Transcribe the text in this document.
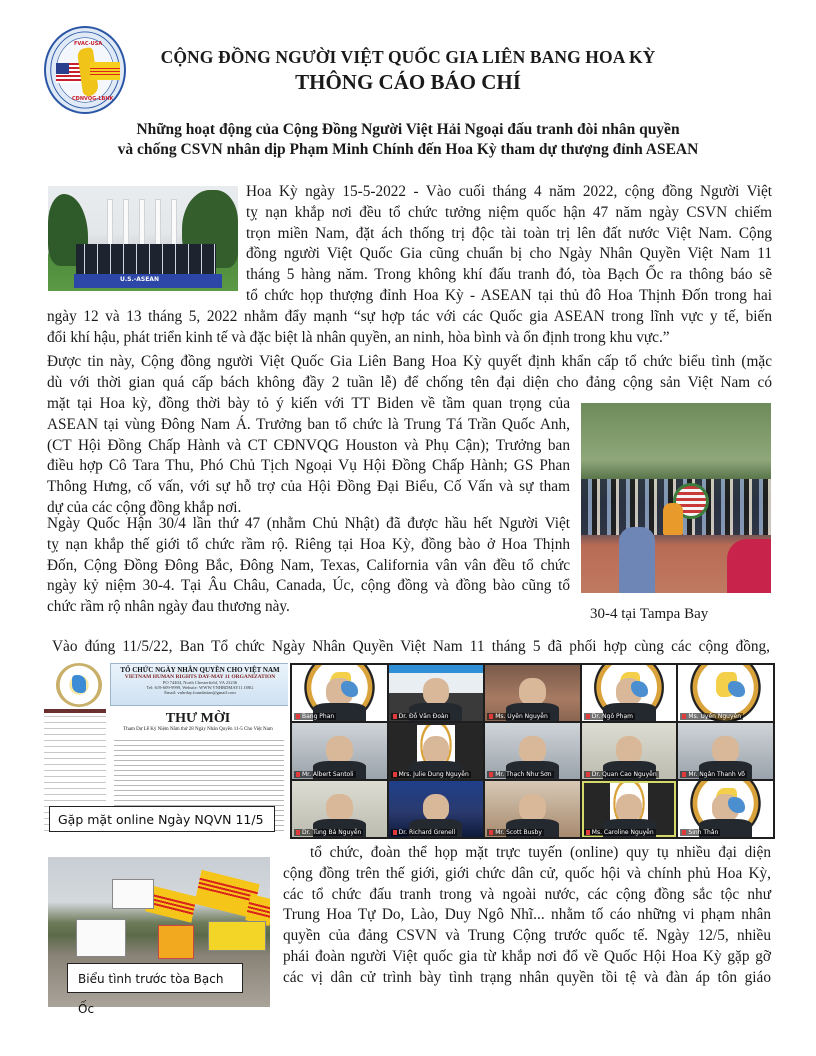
FVAC-USA
CĐNVQG-LBHK
CỘNG ĐỒNG NGƯỜI VIỆT QUỐC GIA LIÊN BANG HOA KỲ
THÔNG CÁO BÁO CHÍ
Những hoạt động của Cộng Đồng Người Việt Hải Ngoại đấu tranh đòi nhân quyền
và chống CSVN nhân dịp Phạm Minh Chính đến Hoa Kỳ tham dự thượng đỉnh ASEAN
U.S.-ASEAN
Hoa Kỳ ngày 15-5-2022 - Vào cuối tháng 4 năm 2022, cộng đồng Người Việt
tỵ nạn khắp nơi đều tổ chức tưởng niệm quốc hận 47 năm ngày CSVN chiếm
trọn miền Nam, đặt ách thống trị độc tài toàn trị lên đất nước Việt Nam. Cộng
đồng người Việt Quốc Gia cũng chuẩn bị cho Ngày Nhân Quyền Việt Nam 11
tháng 5 hàng năm. Trong không khí đấu tranh đó, tòa Bạch Ốc ra thông báo sẽ
tổ chức họp thượng đỉnh Hoa Kỳ - ASEAN tại thủ đô Hoa Thịnh Đốn trong hai
ngày 12 và 13 tháng 5, 2022 nhằm đẩy mạnh “sự hợp tác với các Quốc gia ASEAN trong lĩnh vực y tế, biến
đổi khí hậu, phát triển kinh tế và đặc biệt là nhân quyền, an ninh, hòa bình và ổn định trong khu vực.”
Được tin này, Cộng đồng người Việt Quốc Gia Liên Bang Hoa Kỳ quyết định khẩn cấp tổ chức biểu tình (mặc
dù với thời gian quá cấp bách không đầy 2 tuần lễ) để chống tên đại diện cho đảng cộng sản Việt Nam có
mặt tại Hoa kỳ, đồng thời bày tỏ ý kiến với TT Biden về tầm quan trọng của
ASEAN tại vùng Đông Nam Á. Trưởng ban tổ chức là Trung Tá Trần Quốc Anh,
(CT Hội Đồng Chấp Hành và CT CĐNVQG Houston và Phụ Cận); Trưởng ban
điều hợp Cô Tara Thu, Phó Chủ Tịch Ngoại Vụ Hội Đồng Chấp Hành; GS Phan
Thông Hưng, cố vấn, với sự hỗ trợ của Hội Đồng Đại Biểu, Cố Vấn và sự tham
dự của các cộng đồng khắp nơi.
30-4 tại Tampa Bay
Ngày Quốc Hận 30/4 lần thứ 47 (nhằm Chủ Nhật) đã được hầu hết Người Việt
tỵ nạn khắp thế giới tổ chức rầm rộ. Riêng tại Hoa Kỳ, đồng bào ở Hoa Thịnh
Đốn, Cộng Đồng Đông Bắc, Đông Nam, Texas, California vân vân đều tổ chức
ngày kỷ niệm 30-4. Tại Âu Châu, Canada, Úc, cộng đồng và đồng bào cũng tổ
chức rầm rộ nhân ngày đau thương này.
Vào đúng 11/5/22, Ban Tổ chức Ngày Nhân Quyền Việt Nam 11 tháng 5 đã phối hợp cùng các cộng đồng,
TỔ CHỨC NGÀY NHÂN QUYỀN CHO VIỆT NAM
VIETNAM HUMAN RIGHTS DAY-MAY 11 ORGANIZATION
PO 74404, North Chesterfield, VA 23236
Tel: 619-609-9999, Website: WWW.VNHRDMAY11.ORG
Email: vnhrday.foundation@gmail.com
THƯ MỜI
Tham Dự Lễ Kỷ Niệm Năm thứ 28 Ngày Nhân Quyền 11-5 Cho Việt Nam
Gặp mặt online Ngày NQVN 11/5
Bang Phan	Dr. Đỗ Văn Đoàn	Ms. Uyên Nguyễn	Dr. Ngô Phạm	Ms. Uyển Nguyễn
Mr. Albert Santoli	Mrs. Julie Dung Nguyễn	Mr. Thạch Như Sơn	Dr. Quan Cao Nguyễn	Mr. Ngân Thanh Võ
Dr. Tùng Bá Nguyễn	Dr. Richard Grenell	Mr. Scott Busby	Ms. Caroline Nguyễn	Sinh Thân
tổ chức, đoàn thể họp mặt trực tuyến (online) quy tụ nhiều đại diện
cộng đồng trên thế giới, giới chức dân cử, quốc hội và chính phủ Hoa Kỳ,
các tổ chức đấu tranh trong và ngoài nước, các cộng đồng sắc tộc như
Trung Hoa Tự Do, Lào, Duy Ngô Nhĩ... nhằm tố cáo những vi phạm nhân
quyền của đảng CSVN và Trung Cộng trước quốc tế. Ngày 12/5, nhiều
phái đoàn người Việt quốc gia từ khắp nơi đổ về Quốc Hội Hoa Kỳ gặp gỡ
các vị dân cử trình bày tình trạng nhân quyền tồi tệ và đàn áp tôn giáo
Biểu tình trước tòa Bạch Ốc
